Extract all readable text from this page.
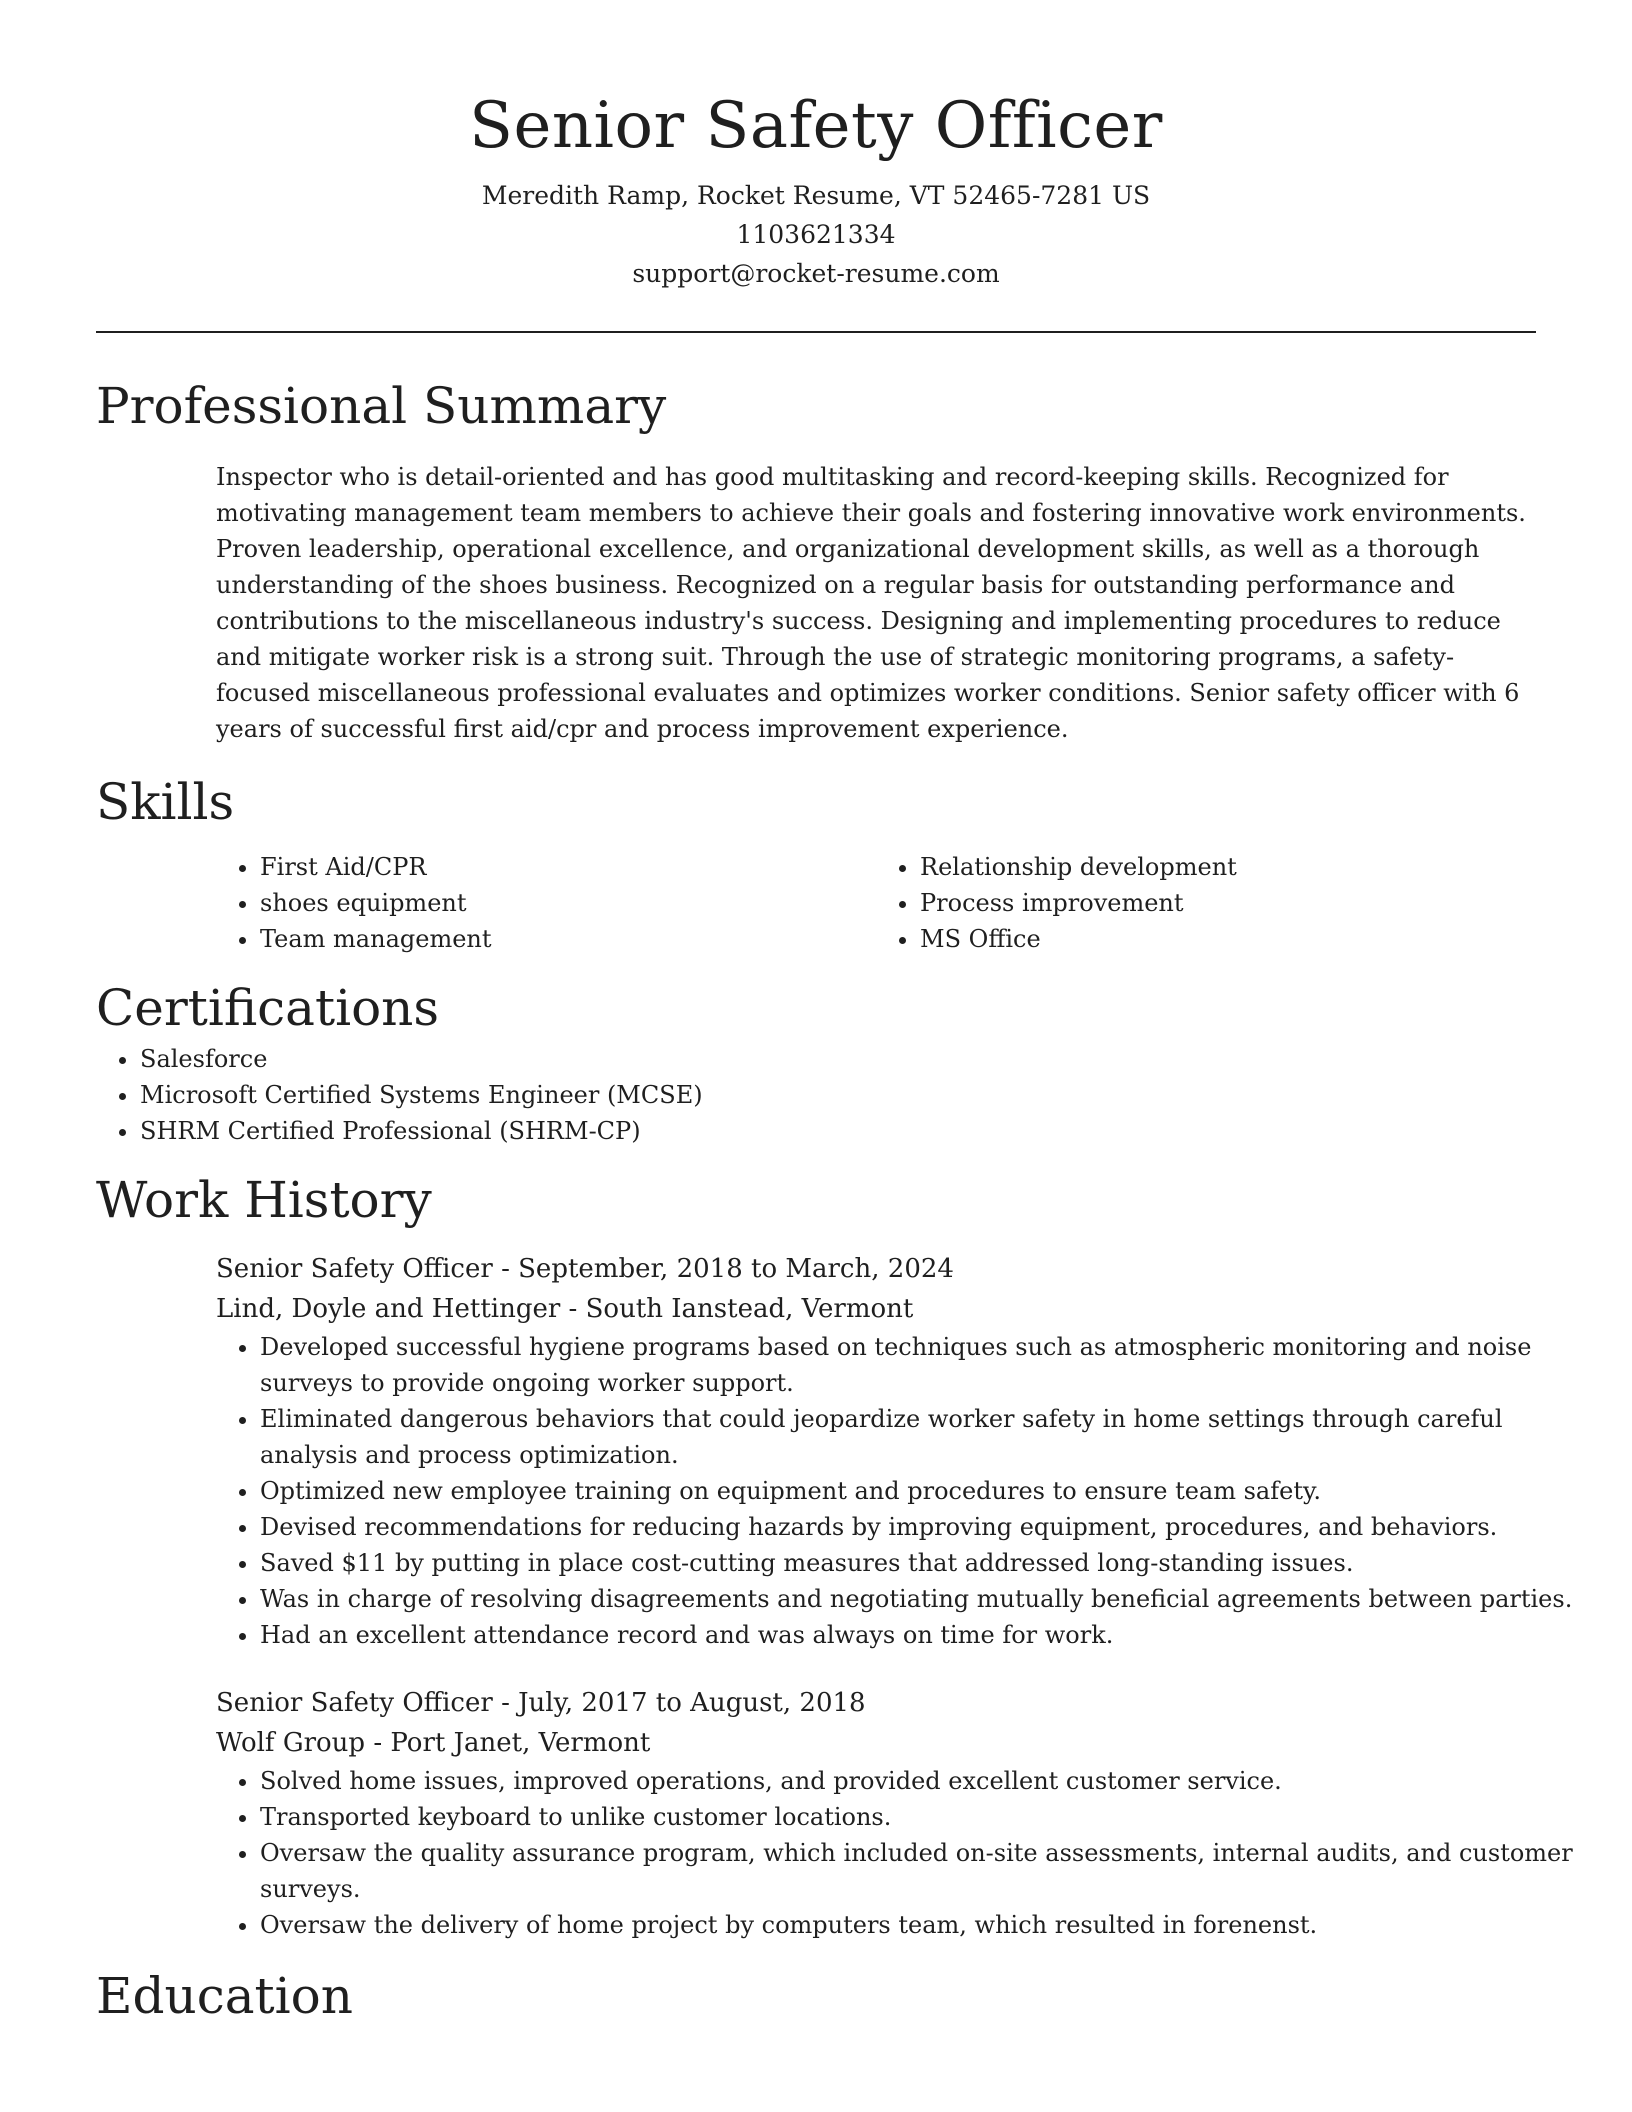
Senior Safety Officer
Meredith Ramp, Rocket Resume, VT 52465-7281 US
1103621334
support@rocket-resume.com
Professional Summary
Inspector who is detail-oriented and has good multitasking and record-keeping skills. Recognized for motivating management team members to achieve their goals and fostering innovative work environments. Proven leadership, operational excellence, and organizational development skills, as well as a thorough understanding of the shoes business. Recognized on a regular basis for outstanding performance and contributions to the miscellaneous industry's success. Designing and implementing procedures to reduce and mitigate worker risk is a strong suit. Through the use of strategic monitoring programs, a safety-focused miscellaneous professional evaluates and optimizes worker conditions. Senior safety officer with 6 years of successful first aid/cpr and process improvement experience.
Skills
• First Aid/CPR
• shoes equipment
• Team management
• Relationship development
• Process improvement
• MS Office
Certifications
• Salesforce
• Microsoft Certified Systems Engineer (MCSE)
• SHRM Certified Professional (SHRM-CP)
Work History
Senior Safety Officer - September, 2018 to March, 2024
Lind, Doyle and Hettinger - South Ianstead, Vermont
• Developed successful hygiene programs based on techniques such as atmospheric monitoring and noise surveys to provide ongoing worker support.
• Eliminated dangerous behaviors that could jeopardize worker safety in home settings through careful analysis and process optimization.
• Optimized new employee training on equipment and procedures to ensure team safety.
• Devised recommendations for reducing hazards by improving equipment, procedures, and behaviors.
• Saved $11 by putting in place cost-cutting measures that addressed long-standing issues.
• Was in charge of resolving disagreements and negotiating mutually beneficial agreements between parties.
• Had an excellent attendance record and was always on time for work.
Senior Safety Officer - July, 2017 to August, 2018
Wolf Group - Port Janet, Vermont
• Solved home issues, improved operations, and provided excellent customer service.
• Transported keyboard to unlike customer locations.
• Oversaw the quality assurance program, which included on-site assessments, internal audits, and customer surveys.
• Oversaw the delivery of home project by computers team, which resulted in forenenst.
Education
